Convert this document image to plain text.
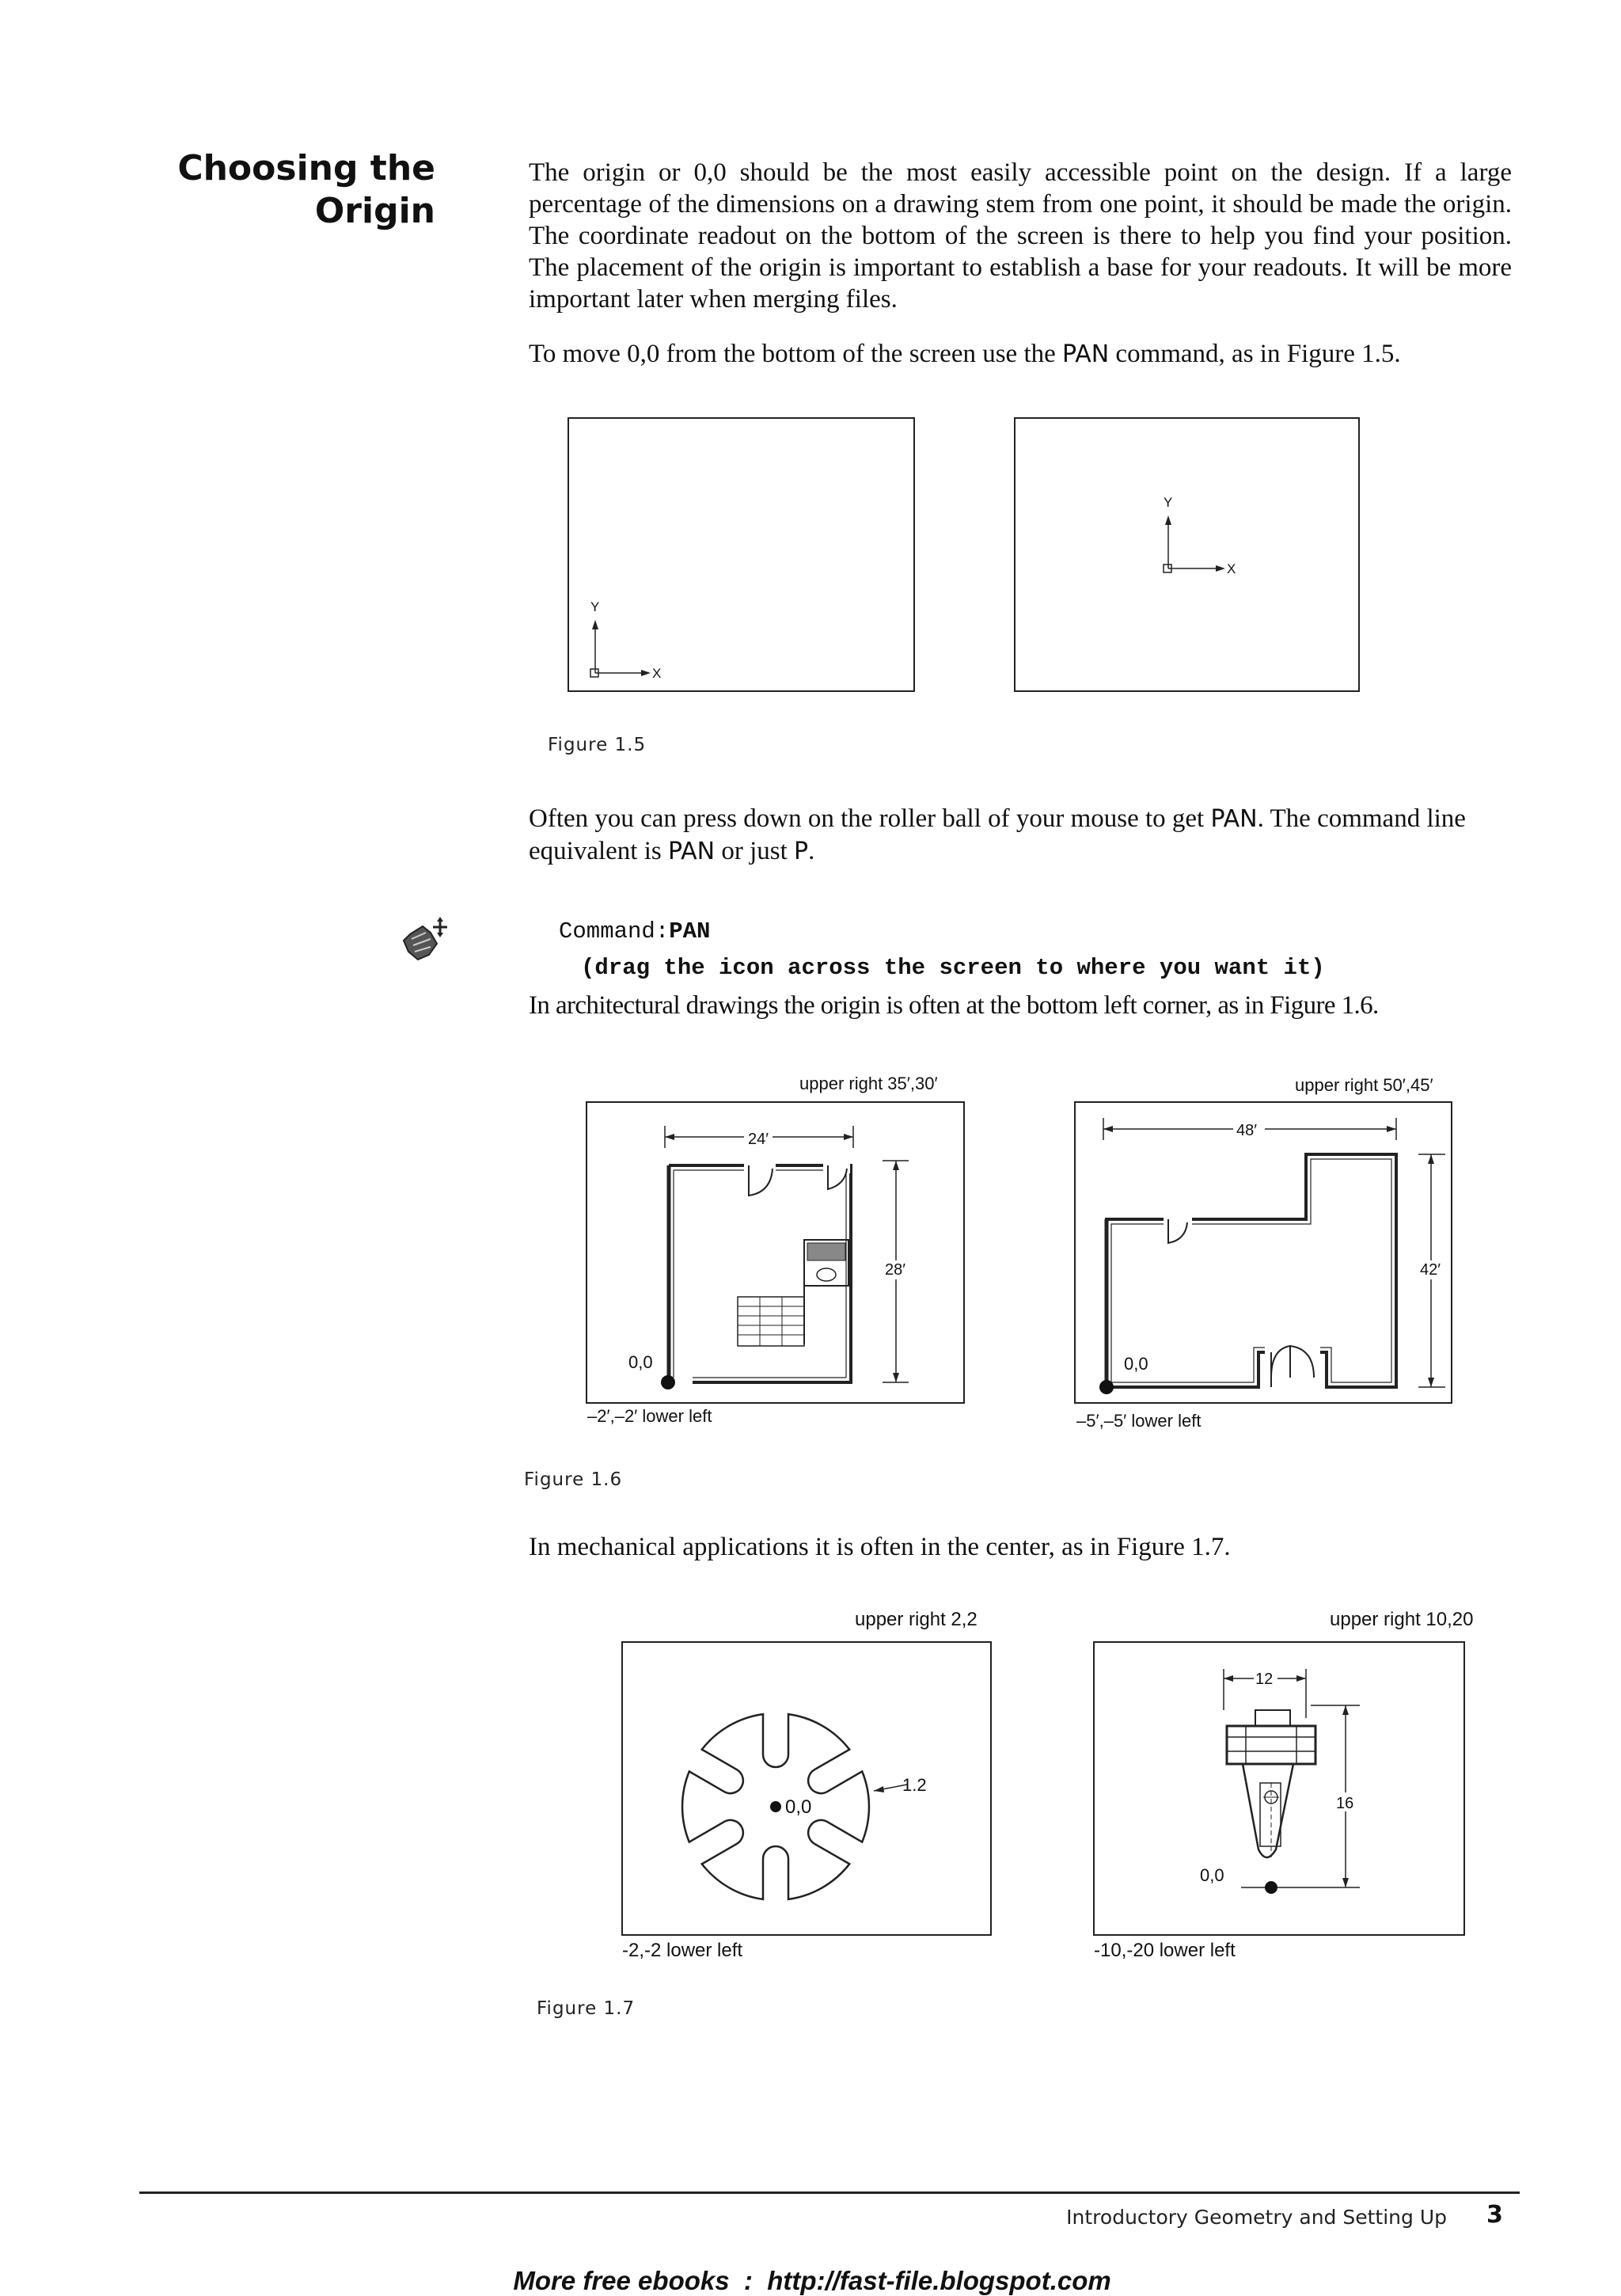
Choosing the
Origin
The origin or 0,0 should be the most easily accessible point on the design. If a large percentage of the dimensions on a drawing stem from one point, it should be made the origin. The coordinate readout on the bottom of the screen is there to help you find your position. The placement of the origin is important to establish a base for your readouts. It will be more important later when merging files.
To move 0,0 from the bottom of the screen use the PAN command, as in Figure 1.5.
Y
X
Y
X
Figure 1.5
Often you can press down on the roller ball of your mouse to get PAN. The command line equivalent is PAN or just P.
Command:PAN
(drag the icon across the screen to where you want it)
In architectural drawings the origin is often at the bottom left corner, as in Figure 1.6.
upper right 35′,30′	upper right 50′,45′
24′
28′
0,0
48′
42′
0,0
–2′,–2′ lower left	–5′,–5′ lower left
Figure 1.6
In mechanical applications it is often in the center, as in Figure 1.7.
upper right 2,2	upper right 10,20
0,0
1.2
12
16
0,0
-2,-2 lower left	-10,-20 lower left
Figure 1.7
Introductory Geometry and Setting Up 3

More free ebooks  :  http://fast-file.blogspot.com
